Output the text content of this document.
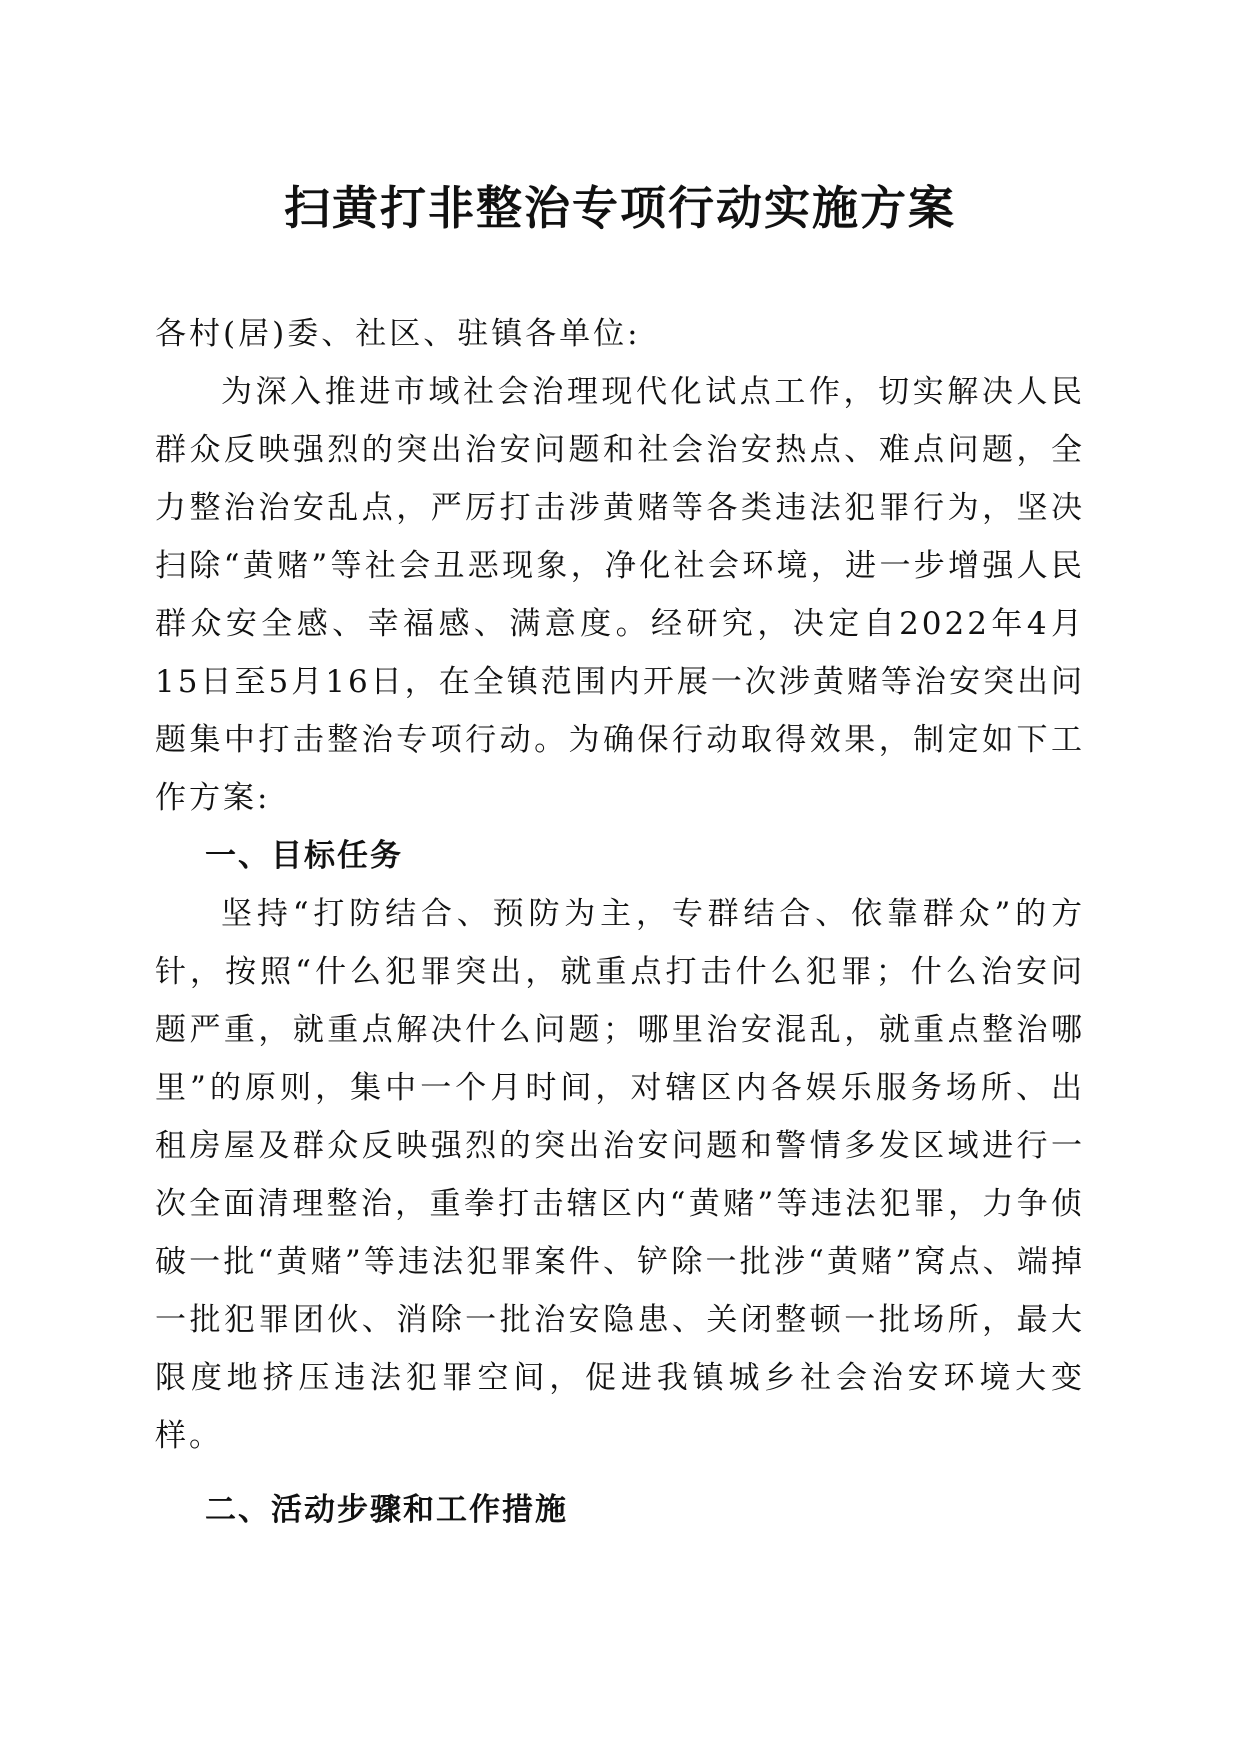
扫黄打非整治专项行动实施方案

各村(居)委、社区、驻镇各单位:

为深入推进市域社会治理现代化试点工作，切实解决人民群众反映强烈的突出治安问题和社会治安热点、难点问题，全力整治治安乱点，严厉打击涉黄赌等各类违法犯罪行为，坚决扫除“黄赌”等社会丑恶现象，净化社会环境，进一步增强人民群众安全感、幸福感、满意度。经研究，决定自2022年4月15日至5月16日，在全镇范围内开展一次涉黄赌等治安突出问题集中打击整治专项行动。为确保行动取得效果，制定如下工作方案:

一、目标任务

坚持“打防结合、预防为主，专群结合、依靠群众”的方针，按照“什么犯罪突出，就重点打击什么犯罪；什么治安问题严重，就重点解决什么问题；哪里治安混乱，就重点整治哪里”的原则，集中一个月时间，对辖区内各娱乐服务场所、出租房屋及群众反映强烈的突出治安问题和警情多发区域进行一次全面清理整治，重拳打击辖区内“黄赌”等违法犯罪，力争侦破一批“黄赌”等违法犯罪案件、铲除一批涉“黄赌”窝点、端掉一批犯罪团伙、消除一批治安隐患、关闭整顿一批场所，最大限度地挤压违法犯罪空间，促进我镇城乡社会治安环境大变样。

二、活动步骤和工作措施
